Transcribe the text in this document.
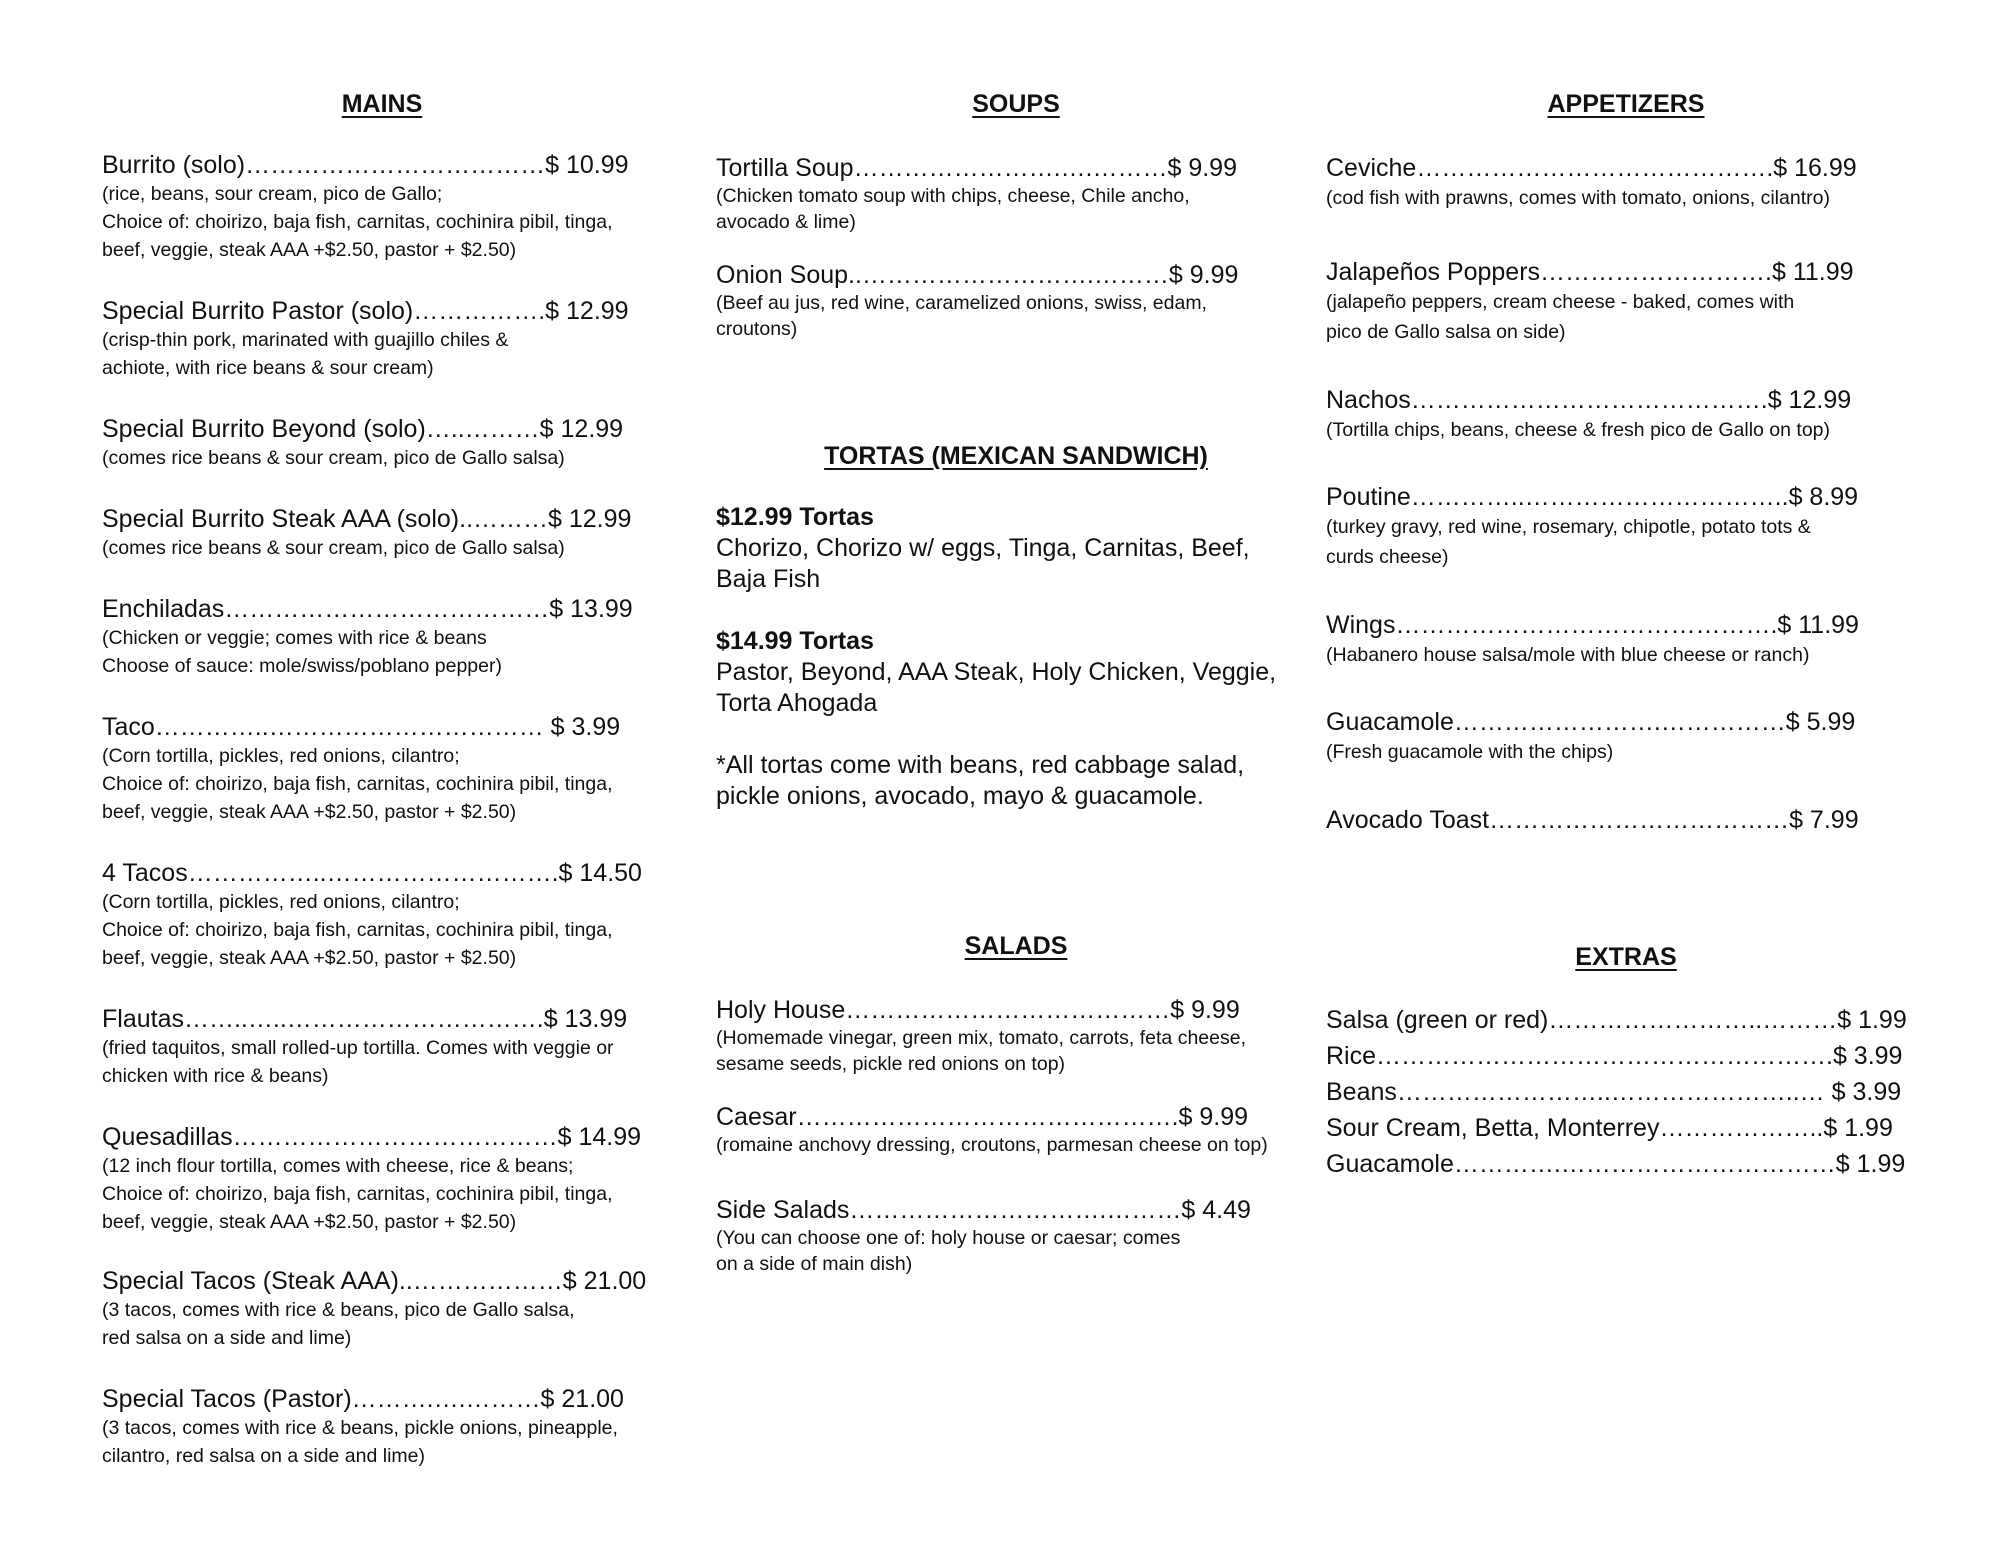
MAINS
Burrito (solo)………………………………$ 10.99
(rice, beans, sour cream, pico de Gallo;
Choice of: choirizo, baja fish, carnitas, cochinira pibil, tinga,
beef, veggie, steak AAA +$2.50, pastor + $2.50)
Special Burrito Pastor (solo)…………….$ 12.99
(crisp-thin pork, marinated with guajillo chiles &
achiote, with rice beans & sour cream)
Special Burrito Beyond (solo)…..………$ 12.99
(comes rice beans & sour cream, pico de Gallo salsa)
Special Burrito Steak AAA (solo)..………$ 12.99
(comes rice beans & sour cream, pico de Gallo salsa)
Enchiladas…………………………………$ 13.99
(Chicken or veggie; comes with rice & beans
Choose of sauce: mole/swiss/poblano pepper)
Taco…………..…………………………… $ 3.99
(Corn tortilla, pickles, red onions, cilantro;
Choice of: choirizo, baja fish, carnitas, cochinira pibil, tinga,
beef, veggie, steak AAA +$2.50, pastor + $2.50)
4 Tacos……………..……………………….$ 14.50
(Corn tortilla, pickles, red onions, cilantro;
Choice of: choirizo, baja fish, carnitas, cochinira pibil, tinga,
beef, veggie, steak AAA +$2.50, pastor + $2.50)
Flautas……..…..………………………….$ 13.99
(fried taquitos, small rolled-up tortilla. Comes with veggie or
chicken with rice & beans)
Quesadillas…………………………………$ 14.99
(12 inch flour tortilla, comes with cheese, rice & beans;
Choice of: choirizo, baja fish, carnitas, cochinira pibil, tinga,
beef, veggie, steak AAA +$2.50, pastor + $2.50)
Special Tacos (Steak AAA)..………………$ 21.00
(3 tacos, comes with rice & beans, pico de Gallo salsa,
red salsa on a side and lime)
Special Tacos (Pastor)……….….………$ 21.00
(3 tacos, comes with rice & beans, pickle onions, pineapple,
cilantro, red salsa on a side and lime)
SOUPS
Tortilla Soup…………………….….………$ 9.99
(Chicken tomato soup with chips, cheese, Chile ancho,
avocado & lime)
Onion Soup..……………………….………$ 9.99
(Beef au jus, red wine, caramelized onions, swiss, edam,
croutons)
TORTAS (MEXICAN SANDWICH)
$12.99 Tortas
Chorizo, Chorizo w/ eggs, Tinga, Carnitas, Beef,
Baja Fish
$14.99 Tortas
Pastor, Beyond, AAA Steak, Holy Chicken, Veggie,
Torta Ahogada
*All tortas come with beans, red cabbage salad,
pickle onions, avocado, mayo & guacamole.
SALADS
Holy House…………………………………$ 9.99
(Homemade vinegar, green mix, tomato, carrots, feta cheese,
sesame seeds, pickle red onions on top)
Caesar……………………………………….$ 9.99
(romaine anchovy dressing, croutons, parmesan cheese on top)
Side Salads………………………….………$ 4.49
(You can choose one of: holy house or caesar; comes
on a side of main dish)
APPETIZERS
Ceviche…………………………………….$ 16.99
(cod fish with prawns, comes with tomato, onions, cilantro)
Jalapeños Poppers……………………….$ 11.99
(jalapeño peppers, cream cheese - baked, comes with
pico de Gallo salsa on side)
Nachos…………………………………….$ 12.99
(Tortilla chips, beans, cheese & fresh pico de Gallo on top)
Poutine…………..…………………………..$ 8.99
(turkey gravy, red wine, rosemary, chipotle, potato tots &
curds cheese)
Wings……………………………………….$ 11.99
(Habanero house salsa/mole with blue cheese or ranch)
Guacamole…………………….……………$ 5.99
(Fresh guacamole with the chips)
Avocado Toast………………………………$ 7.99
EXTRAS
Salsa (green or red)……………………..………$ 1.99
Rice……………………………………………….$ 3.99
Beans……………………..…………………..… $ 3.99
Sour Cream, Betta, Monterrey………………..$ 1.99
Guacamole………….……………………………$ 1.99
